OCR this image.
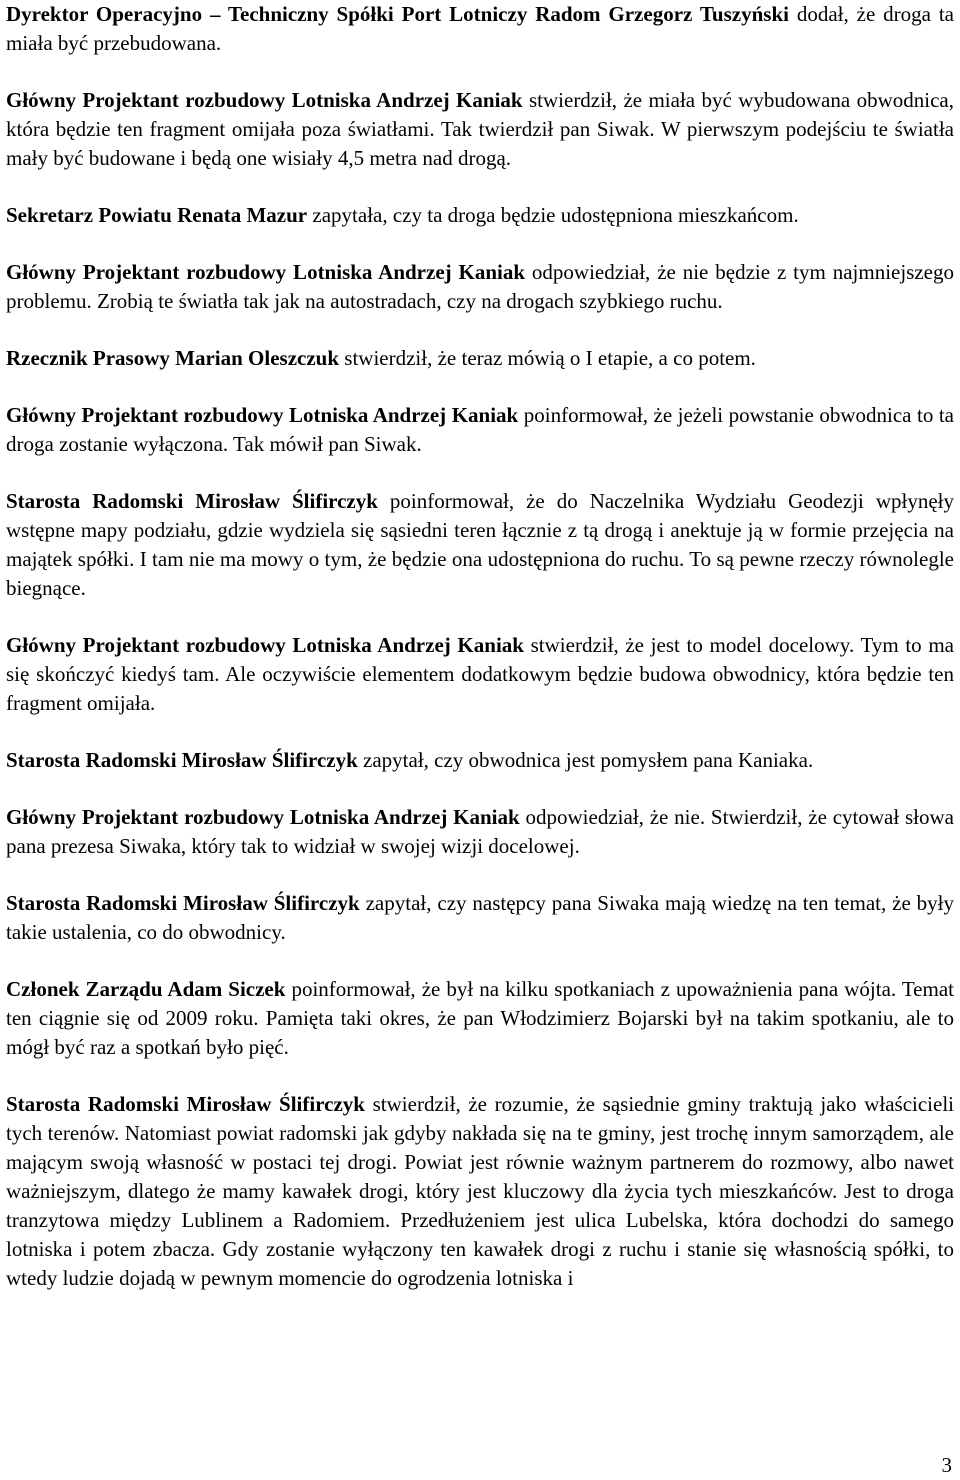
Dyrektor Operacyjno – Techniczny Spółki Port Lotniczy Radom Grzegorz Tuszyński dodał, że droga ta miała być przebudowana.

Główny Projektant rozbudowy Lotniska Andrzej Kaniak stwierdził, że miała być wybudowana obwodnica, która będzie ten fragment omijała poza światłami. Tak twierdził pan Siwak. W pierwszym podejściu te światła mały być budowane i będą one wisiały 4,5 metra nad drogą.

Sekretarz Powiatu Renata Mazur zapytała, czy ta droga będzie udostępniona mieszkańcom.

Główny Projektant rozbudowy Lotniska Andrzej Kaniak odpowiedział, że nie będzie z tym najmniejszego problemu. Zrobią te światła tak jak na autostradach, czy na drogach szybkiego ruchu.

Rzecznik Prasowy Marian Oleszczuk stwierdził, że teraz mówią o I etapie, a co potem.

Główny Projektant rozbudowy Lotniska Andrzej Kaniak poinformował, że jeżeli powstanie obwodnica to ta droga zostanie wyłączona. Tak mówił pan Siwak.

Starosta Radomski Mirosław Ślifirczyk poinformował, że do Naczelnika Wydziału Geodezji wpłynęły wstępne mapy podziału, gdzie wydziela się sąsiedni teren łącznie z tą drogą i anektuje ją w formie przejęcia na majątek spółki. I tam nie ma mowy o tym, że będzie ona udostępniona do ruchu. To są pewne rzeczy równolegle biegnące.

Główny Projektant rozbudowy Lotniska Andrzej Kaniak stwierdził, że jest to model docelowy. Tym to ma się skończyć kiedyś tam. Ale oczywiście elementem dodatkowym będzie budowa obwodnicy, która będzie ten fragment omijała.

Starosta Radomski Mirosław Ślifirczyk zapytał, czy obwodnica jest pomysłem pana Kaniaka.

Główny Projektant rozbudowy Lotniska Andrzej Kaniak odpowiedział, że nie. Stwierdził, że cytował słowa pana prezesa Siwaka, który tak to widział w swojej wizji docelowej.

Starosta Radomski Mirosław Ślifirczyk zapytał, czy następcy pana Siwaka mają wiedzę na ten temat, że były takie ustalenia, co do obwodnicy.

Członek Zarządu Adam Siczek poinformował, że był na kilku spotkaniach z upoważnienia pana wójta. Temat ten ciągnie się od 2009 roku. Pamięta taki okres, że pan Włodzimierz Bojarski był na takim spotkaniu, ale to mógł być raz a spotkań było pięć.

Starosta Radomski Mirosław Ślifirczyk stwierdził, że rozumie, że sąsiednie gminy traktują jako właścicieli tych terenów. Natomiast powiat radomski jak gdyby nakłada się na te gminy, jest trochę innym samorządem, ale mającym swoją własność w postaci tej drogi. Powiat jest równie ważnym partnerem do rozmowy, albo nawet ważniejszym, dlatego że mamy kawałek drogi, który jest kluczowy dla życia tych mieszkańców. Jest to droga tranzytowa między Lublinem a Radomiem. Przedłużeniem jest ulica Lubelska, która dochodzi do samego lotniska i potem zbacza. Gdy zostanie wyłączony ten kawałek drogi z ruchu i stanie się własnością spółki, to wtedy ludzie dojadą w pewnym momencie do ogrodzenia lotniska i

3
